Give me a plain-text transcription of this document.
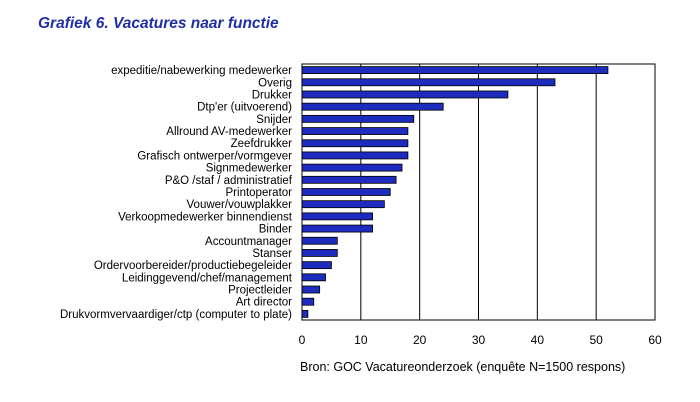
Grafiek 6. Vacatures naar functie
expeditie/nabewerking medewerker
Overig
Drukker
Dtp'er (uitvoerend)
Snijder
Allround AV-medewerker
Zeefdrukker
Grafisch ontwerper/vormgever
Signmedewerker
P&O /staf / administratief
Printoperator
Vouwer/vouwplakker
Verkoopmedewerker binnendienst
Binder
Accountmanager
Stanser
Ordervoorbereider/productiebegeleider
Leidinggevend/chef/management
Projectleider
Art director
Drukvormvervaardiger/ctp (computer to plate)
0	10	20	30	40	50	60

Bron: GOC Vacatureonderzoek (enquête N=1500 respons)
